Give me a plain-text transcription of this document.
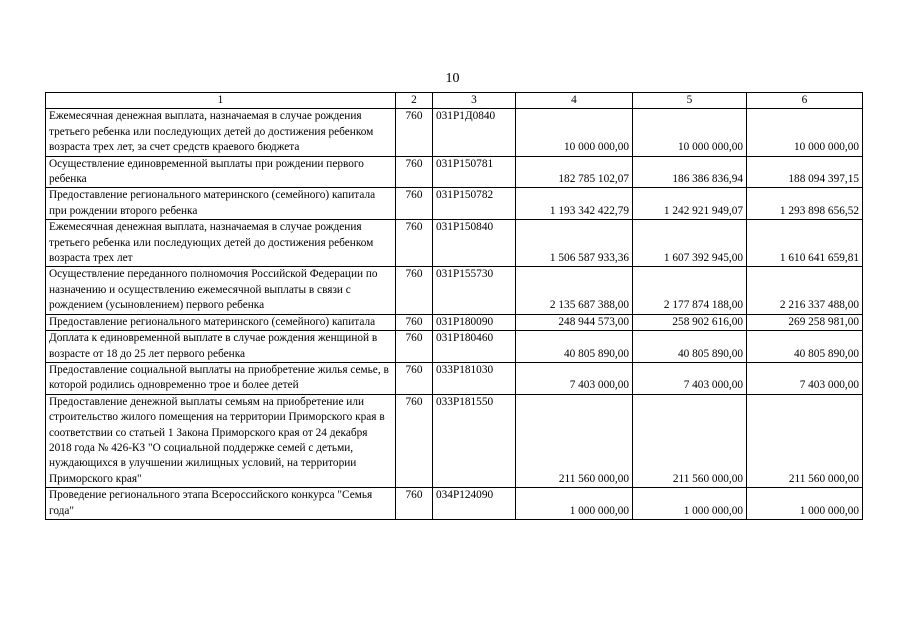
10
1	2	3	4	5	6
Ежемесячная денежная выплата, назначаемая в случае рождения третьего ребенка или последующих детей до достижения ребенком возраста трех лет, за счет средств краевого бюджета	760	031P1Д0840	10 000 000,00	10 000 000,00	10 000 000,00
Осуществление единовременной выплаты при рождении первого ребенка	760	031P150781	182 785 102,07	186 386 836,94	188 094 397,15
Предоставление регионального материнского (семейного) капитала при рождении второго ребенка	760	031P150782	1 193 342 422,79	1 242 921 949,07	1 293 898 656,52
Ежемесячная денежная выплата, назначаемая в случае рождения третьего ребенка или последующих детей до достижения ребенком возраста трех лет	760	031P150840	1 506 587 933,36	1 607 392 945,00	1 610 641 659,81
Осуществление переданного полномочия Российской Федерации по назначению и осуществлению ежемесячной выплаты в связи с рождением (усыновлением) первого ребенка	760	031P155730	2 135 687 388,00	2 177 874 188,00	2 216 337 488,00
Предоставление регионального материнского (семейного) капитала	760	031P180090	248 944 573,00	258 902 616,00	269 258 981,00
Доплата к единовременной выплате в случае рождения женщиной в возрасте от 18 до 25 лет первого ребенка	760	031P180460	40 805 890,00	40 805 890,00	40 805 890,00
Предоставление социальной выплаты на приобретение жилья семье, в которой родились одновременно трое и более детей	760	033P181030	7 403 000,00	7 403 000,00	7 403 000,00
Предоставление денежной выплаты семьям на приобретение или строительство жилого помещения на территории Приморского края в соответствии со статьей 1 Закона Приморского края от 24 декабря 2018 года № 426-КЗ "О социальной поддержке семей с детьми, нуждающихся в улучшении жилищных условий, на территории Приморского края"	760	033P181550	211 560 000,00	211 560 000,00	211 560 000,00
Проведение регионального этапа Всероссийского конкурса "Семья года"	760	034P124090	1 000 000,00	1 000 000,00	1 000 000,00
